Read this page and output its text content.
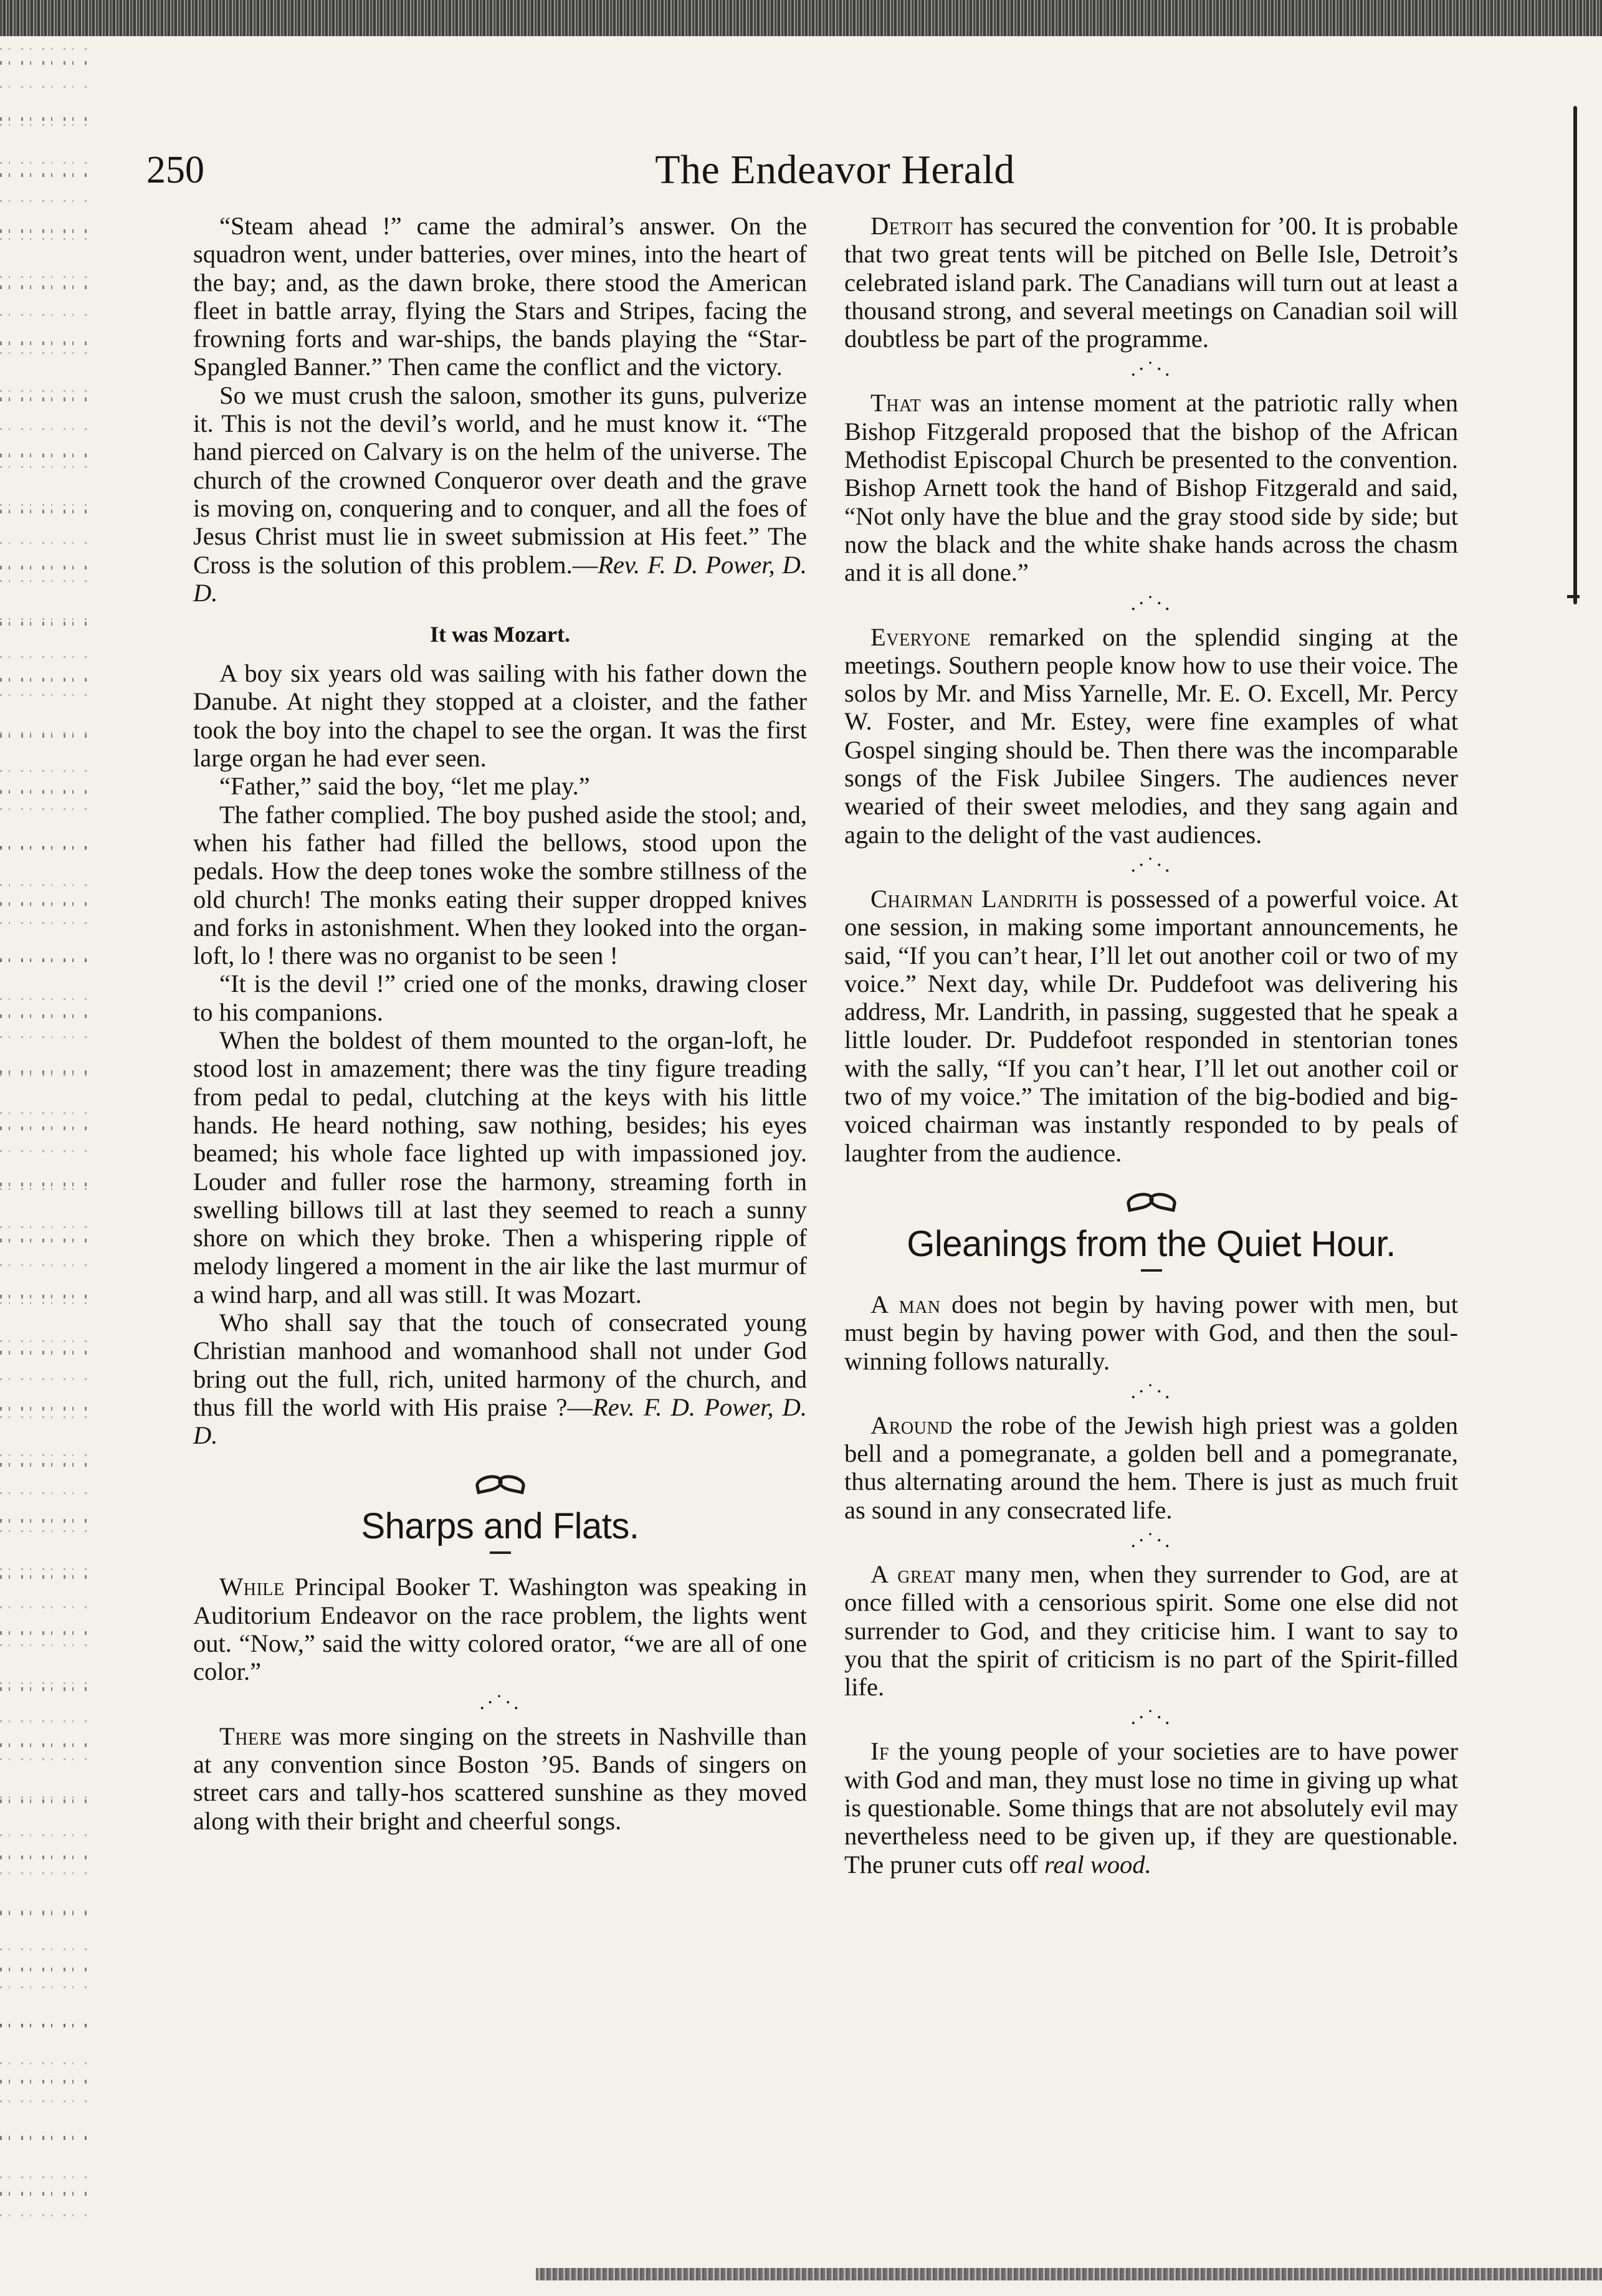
250	The Endeavor Herald

“Steam ahead !” came the admiral’s answer. On the squadron went, under batteries, over mines, into the heart of the bay; and, as the dawn broke, there stood the American fleet in battle array, flying the Stars and Stripes, facing the frowning forts and war-ships, the bands playing the “Star-Spangled Banner.” Then came the conflict and the victory.

So we must crush the saloon, smother its guns, pulverize it. This is not the devil’s world, and he must know it. “The hand pierced on Calvary is on the helm of the universe. The church of the crowned Conqueror over death and the grave is moving on, conquering and to conquer, and all the foes of Jesus Christ must lie in sweet submission at His feet.” The Cross is the solution of this problem.—Rev. F. D. Power, D. D.

It was Mozart.

A boy six years old was sailing with his father down the Danube. At night they stopped at a cloister, and the father took the boy into the chapel to see the organ. It was the first large organ he had ever seen.

“Father,” said the boy, “let me play.”

The father complied. The boy pushed aside the stool; and, when his father had filled the bellows, stood upon the pedals. How the deep tones woke the sombre stillness of the old church! The monks eating their supper dropped knives and forks in astonishment. When they looked into the organ-loft, lo ! there was no organist to be seen !

“It is the devil !” cried one of the monks, drawing closer to his companions.

When the boldest of them mounted to the organ-loft, he stood lost in amazement; there was the tiny figure treading from pedal to pedal, clutching at the keys with his little hands. He heard nothing, saw nothing, besides; his eyes beamed; his whole face lighted up with impassioned joy. Louder and fuller rose the harmony, streaming forth in swelling billows till at last they seemed to reach a sunny shore on which they broke. Then a whispering ripple of melody lingered a moment in the air like the last murmur of a wind harp, and all was still. It was Mozart.

Who shall say that the touch of consecrated young Christian manhood and womanhood shall not under God bring out the full, rich, united harmony of the church, and thus fill the world with His praise ?—Rev. F. D. Power, D. D.

Sharps and Flats.

While Principal Booker T. Washington was speaking in Auditorium Endeavor on the race problem, the lights went out. “Now,” said the witty colored orator, “we are all of one color.”

.·˙·.

There was more singing on the streets in Nashville than at any convention since Boston ’95. Bands of singers on street cars and tally-hos scattered sunshine as they moved along with their bright and cheerful songs.

Detroit has secured the convention for ’00. It is probable that two great tents will be pitched on Belle Isle, Detroit’s celebrated island park. The Canadians will turn out at least a thousand strong, and several meetings on Canadian soil will doubtless be part of the programme.

.·˙·.

That was an intense moment at the patriotic rally when Bishop Fitzgerald proposed that the bishop of the African Methodist Episcopal Church be presented to the convention. Bishop Arnett took the hand of Bishop Fitzgerald and said, “Not only have the blue and the gray stood side by side; but now the black and the white shake hands across the chasm and it is all done.”

.·˙·.

Everyone remarked on the splendid singing at the meetings. Southern people know how to use their voice. The solos by Mr. and Miss Yarnelle, Mr. E. O. Excell, Mr. Percy W. Foster, and Mr. Estey, were fine examples of what Gospel singing should be. Then there was the incomparable songs of the Fisk Jubilee Singers. The audiences never wearied of their sweet melodies, and they sang again and again to the delight of the vast audiences.

.·˙·.

Chairman Landrith is possessed of a powerful voice. At one session, in making some important announcements, he said, “If you can’t hear, I’ll let out another coil or two of my voice.” Next day, while Dr. Puddefoot was delivering his address, Mr. Landrith, in passing, suggested that he speak a little louder. Dr. Puddefoot responded in stentorian tones with the sally, “If you can’t hear, I’ll let out another coil or two of my voice.” The imitation of the big-bodied and big-voiced chairman was instantly responded to by peals of laughter from the audience.

Gleanings from the Quiet Hour.

A man does not begin by having power with men, but must begin by having power with God, and then the soul-winning follows naturally.

.·˙·.

Around the robe of the Jewish high priest was a golden bell and a pomegranate, a golden bell and a pomegranate, thus alternating around the hem. There is just as much fruit as sound in any consecrated life.

.·˙·.

A great many men, when they surrender to God, are at once filled with a censorious spirit. Some one else did not surrender to God, and they criticise him. I want to say to you that the spirit of criticism is no part of the Spirit-filled life.

.·˙·.

If the young people of your societies are to have power with God and man, they must lose no time in giving up what is questionable. Some things that are not absolutely evil may nevertheless need to be given up, if they are questionable. The pruner cuts off real wood.
